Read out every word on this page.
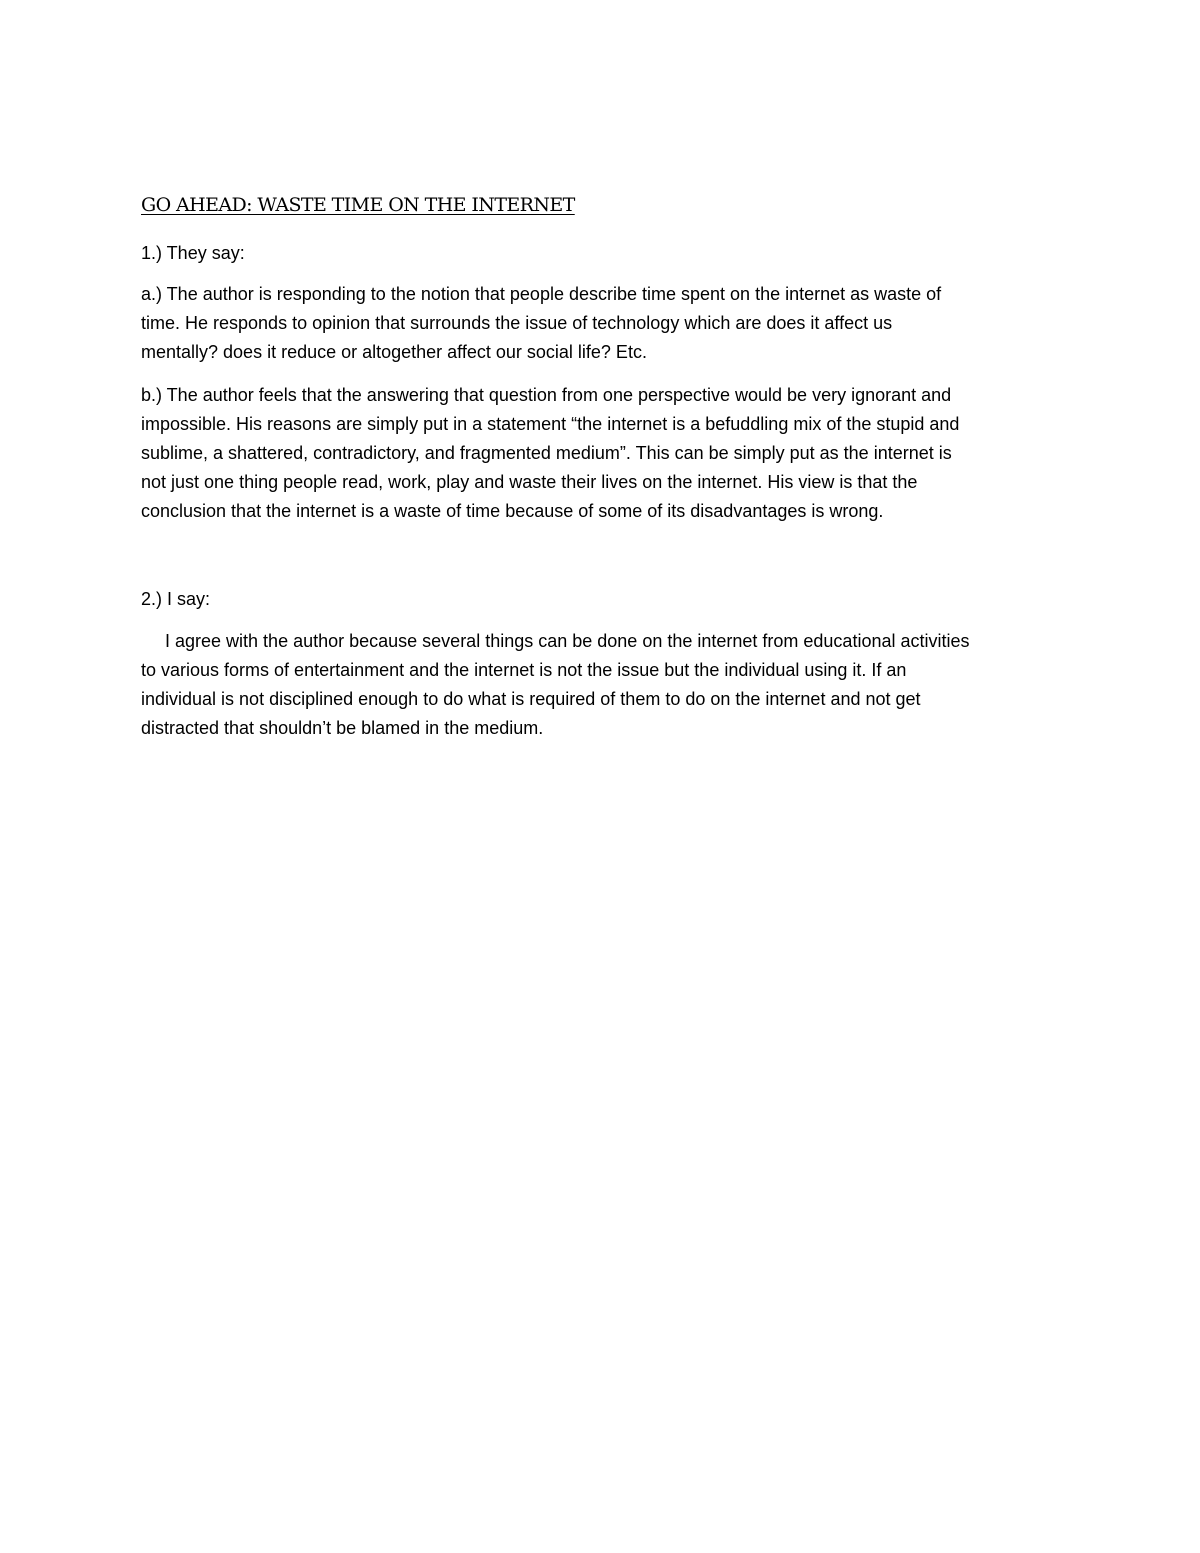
GO AHEAD: WASTE TIME ON THE INTERNET

1.) They say:

a.) The author is responding to the notion that people describe time spent on the internet as waste of
time. He responds to opinion that surrounds the issue of technology which are does it affect us
mentally? does it reduce or altogether affect our social life? Etc.

b.) The author feels that the answering that question from one perspective would be very ignorant and
impossible. His reasons are simply put in a statement “the internet is a befuddling mix of the stupid and
sublime, a shattered, contradictory, and fragmented medium”. This can be simply put as the internet is
not just one thing people read, work, play and waste their lives on the internet. His view is that the
conclusion that the internet is a waste of time because of some of its disadvantages is wrong.

2.) I say:

I agree with the author because several things can be done on the internet from educational activities
to various forms of entertainment and the internet is not the issue but the individual using it. If an
individual is not disciplined enough to do what is required of them to do on the internet and not get
distracted that shouldn’t be blamed in the medium.
